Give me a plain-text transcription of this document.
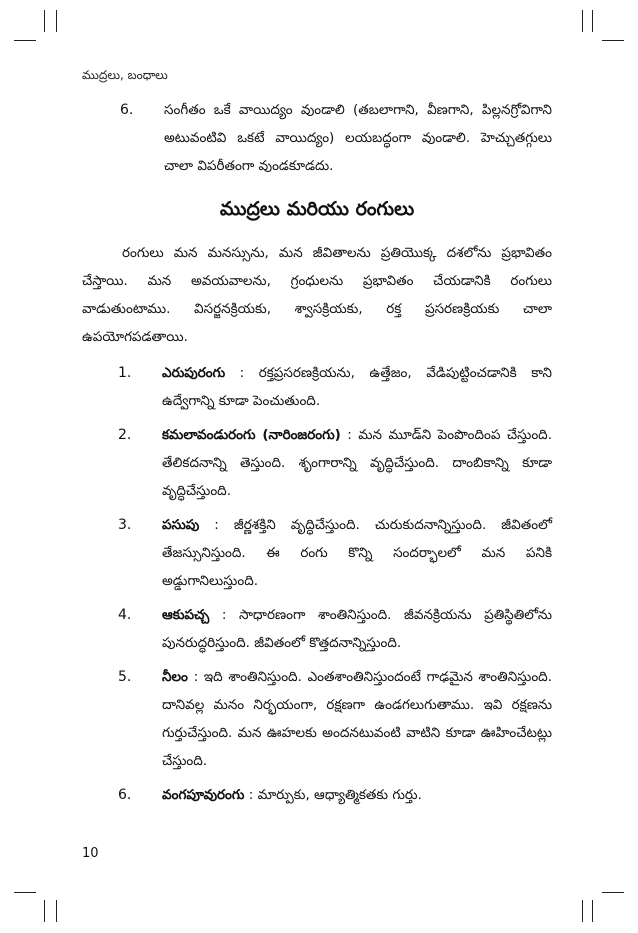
ముద్రలు, బంధాలు
6.	సంగీతం ఒకే వాయిద్యం వుండాలి (తబలాగాని, వీణగాని, పిల్లన‌గ్రోవిగాని అటువంటివి ఒకటే వాయిద్యం) లయబద్ధంగా వుండాలి. హెచ్చుతగ్గులు చాలా విపరీతంగా వుండకూడదు.
ముద్రలు మరియు రంగులు
రంగులు మన మనస్సును, మన జీవితాలను ప్రతియొక్క దశలోను ప్రభావితం చేస్తాయి. మన అవయవాలను, గ్రంధులను ప్రభావితం చేయడానికి రంగులు వాడుతుంటాము. విసర్జనక్రియకు, శ్వాసక్రియకు, రక్త ప్రసరణక్రియకు చాలా ఉపయోగపడతాయి.
1.	ఎరుపురంగు : రక్తప్రసరణక్రియను, ఉత్తేజం, వేడిపుట్టించడానికి కాని ఉద్వేగాన్ని కూడా పెంచుతుంది.
2.	కమలావండురంగు (నారింజరంగు) : మన మూడ్‌ని పెంపొందింప చేస్తుంది. తేలికదనాన్ని తెస్తుంది. శృంగారాన్ని వృద్ధిచేస్తుంది. దాంబికాన్ని కూడా వృద్ధిచేస్తుంది.
3.	పసుపు : జీర్ణశక్తిని వృద్ధిచేస్తుంది. చురుకుదనాన్నిస్తుంది. జీవితంలో తేజస్సునిస్తుంది. ఈ రంగు కొన్ని సందర్భాలలో మన పనికి అడ్డుగానిలుస్తుంది.
4.	ఆకుపచ్చ : సాధారణంగా శాంతినిస్తుంది. జీవనక్రియను ప్రతిస్థితిలోను పునరుద్ధరిస్తుంది. జీవితంలో కొత్తదనాన్నిస్తుంది.
5.	నీలం : ఇది శాంతినిస్తుంది. ఎంతశాంతినిస్తుందంటే గాఢమైన శాంతినిస్తుంది. దానివల్ల మనం నిర్భయంగా, రక్షణగా ఉండగలుగుతాము. ఇవి రక్షణను గుర్తుచేస్తుంది. మన ఊహలకు అందనటువంటి వాటిని కూడా ఊహించేటట్లు చేస్తుంది.
6.	వంగపూవురంగు : మార్పుకు, ఆధ్యాత్మికతకు గుర్తు.
10
